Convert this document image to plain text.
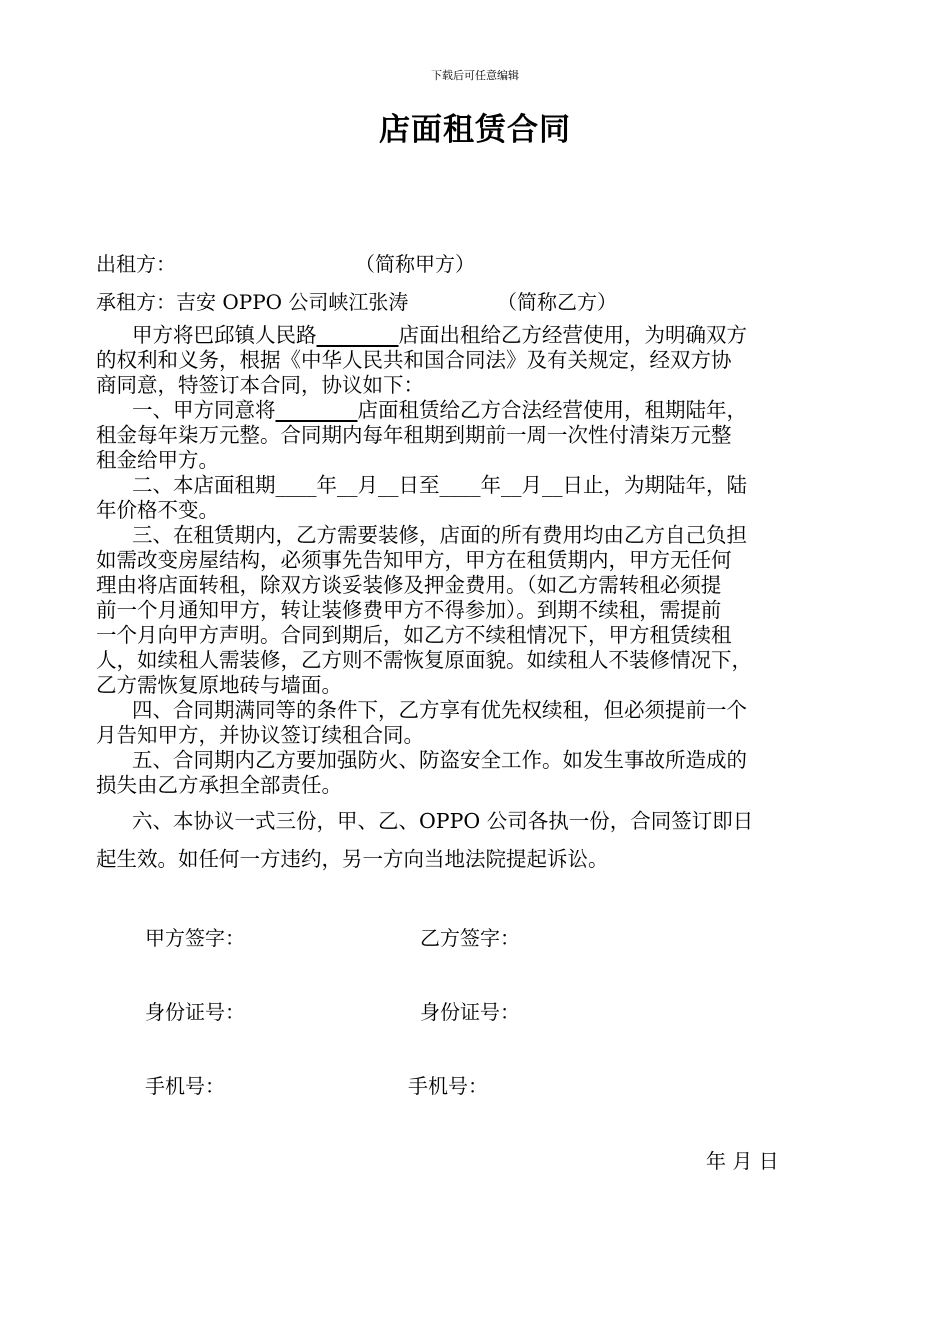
下载后可任意编辑
店面租赁合同
出租方：	（简称甲方）
承租方：吉安 OPPO 公司峡江张涛	（简称乙方）
甲方将巴邱镇人民路________店面出租给乙方经营使用，为明确双方
的权利和义务，根据《中华人民共和国合同法》及有关规定，经双方协
商同意，特签订本合同，协议如下：
一、甲方同意将________店面租赁给乙方合法经营使用，租期陆年，
租金每年柒万元整。合同期内每年租期到期前一周一次性付清柒万元整
租金给甲方。
二、本店面租期____年__月__日至____年__月__日止，为期陆年，陆
年价格不变。
三、在租赁期内，乙方需要装修，店面的所有费用均由乙方自己负担
如需改变房屋结构，必须事先告知甲方，甲方在租赁期内，甲方无任何
理由将店面转租，除双方谈妥装修及押金费用。（如乙方需转租必须提
前一个月通知甲方，转让装修费甲方不得参加）。到期不续租，需提前
一个月向甲方声明。合同到期后，如乙方不续租情况下，甲方租赁续租
人，如续租人需装修，乙方则不需恢复原面貌。如续租人不装修情况下，
乙方需恢复原地砖与墙面。
四、合同期满同等的条件下，乙方享有优先权续租，但必须提前一个
月告知甲方，并协议签订续租合同。
五、合同期内乙方要加强防火、防盗安全工作。如发生事故所造成的
损失由乙方承担全部责任。
六、本协议一式三份，甲、乙、OPPO 公司各执一份，合同签订即日
起生效。如任何一方违约，另一方向当地法院提起诉讼。
甲方签字：	乙方签字：
身份证号：	身份证号：
手机号：	手机号：
年 月 日
